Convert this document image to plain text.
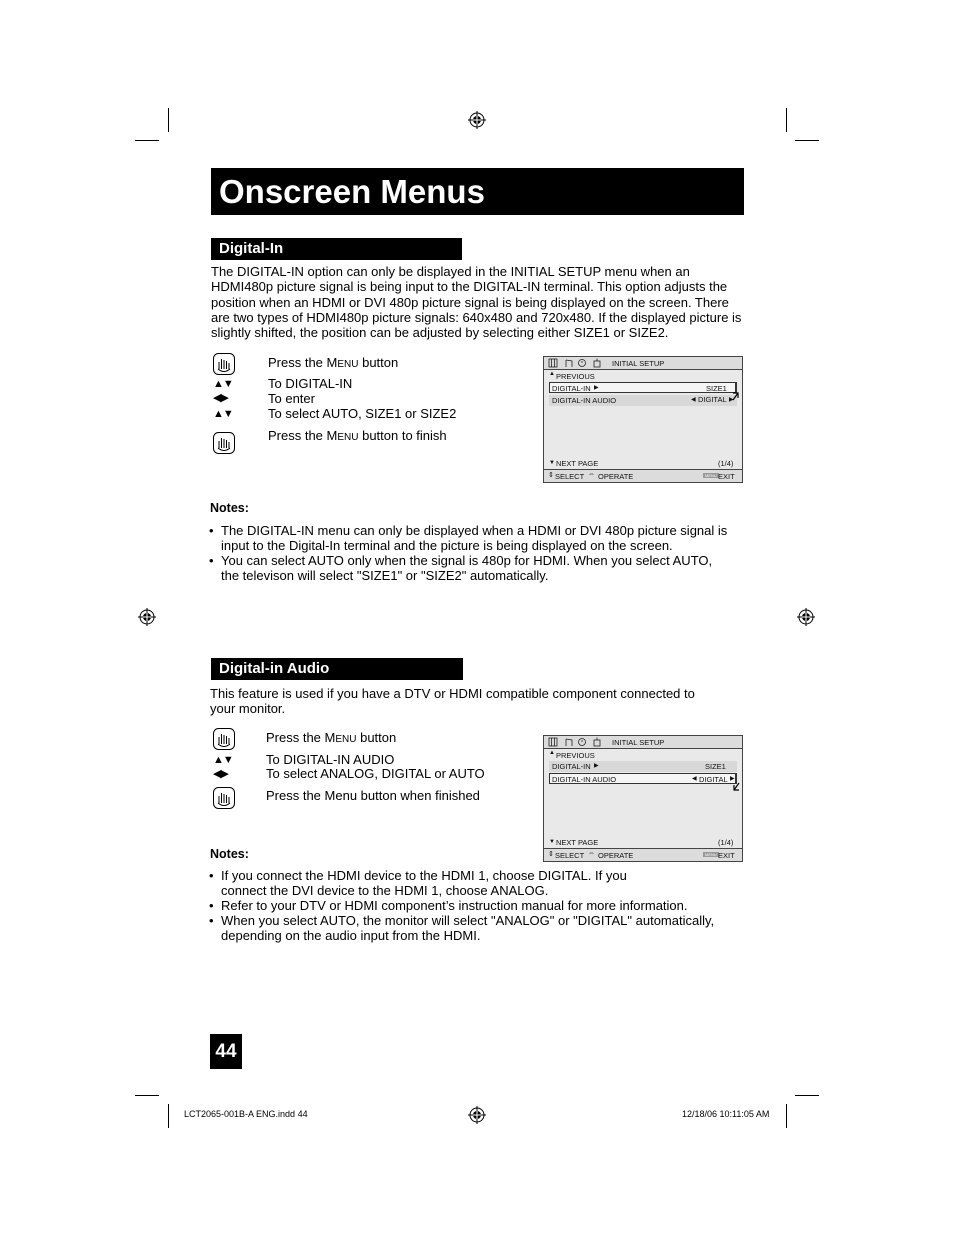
Onscreen Menus
Digital-In
The DIGITAL-IN option can only be displayed in the INITIAL SETUP menu when an HDMI480p picture signal is being input to the DIGITAL-IN terminal. This option adjusts the position when an HDMI or DVI 480p picture signal is being displayed on the screen. There are two types of HDMI480p picture signals: 640x480 and 720x480. If the displayed picture is slightly shifted, the position can be adjusted by selecting either SIZE1 or SIZE2.
Press the MENU button
▲▼	To DIGITAL-IN
◀▶	To enter
▲▼	To select AUTO, SIZE1 or SIZE2
Press the MENU button to finish
INITIAL SETUP
▲ PREVIOUS
DIGITAL-IN ▶	SIZE1
DIGITAL-IN AUDIO	◀ DIGITAL ▶
▼ NEXT PAGE	(1/4)
⇕ SELECT ⇔ OPERATE	MENU EXIT
Notes:
• The DIGITAL-IN menu can only be displayed when a HDMI or DVI 480p picture signal is input to the Digital-In terminal and the picture is being displayed on the screen.
• You can select AUTO only when the signal is 480p for HDMI. When you select AUTO, the televison will select "SIZE1" or "SIZE2" automatically.
Digital-in Audio
This feature is used if you have a DTV or HDMI compatible component connected to your monitor.
Press the MENU button
▲▼	To DIGITAL-IN AUDIO
◀▶	To select ANALOG, DIGITAL or AUTO
Press the Menu button when finished
INITIAL SETUP
▲ PREVIOUS
DIGITAL-IN ▶	SIZE1
DIGITAL-IN AUDIO	◀ DIGITAL ▶
▼ NEXT PAGE	(1/4)
⇕ SELECT ⇔ OPERATE	MENU EXIT
Notes:
• If you connect the HDMI device to the HDMI 1, choose DIGITAL. If you connect the DVI device to the HDMI 1, choose ANALOG.
• Refer to your DTV or HDMI component’s instruction manual for more information.
• When you select AUTO, the monitor will select "ANALOG" or "DIGITAL" automatically, depending on the audio input from the HDMI.
44
LCT2065-001B-A ENG.indd 44	12/18/06 10:11:05 AM
